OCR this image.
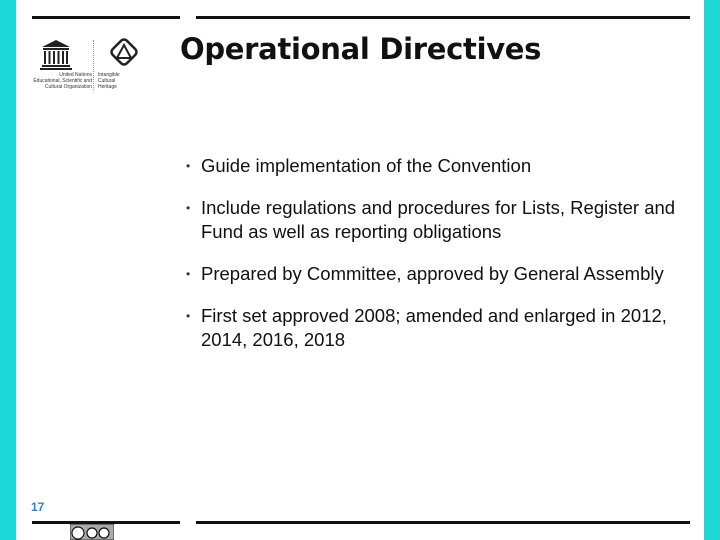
United Nations
Educational, Scientific and
Cultural Organization
Intangible
Cultural
Heritage
Operational Directives
• Guide implementation of the Convention
• Include regulations and procedures for Lists, Register and Fund as well as reporting obligations
• Prepared by Committee, approved by General Assembly
• First set approved 2008; amended and enlarged in 2012, 2014, 2016, 2018
17
